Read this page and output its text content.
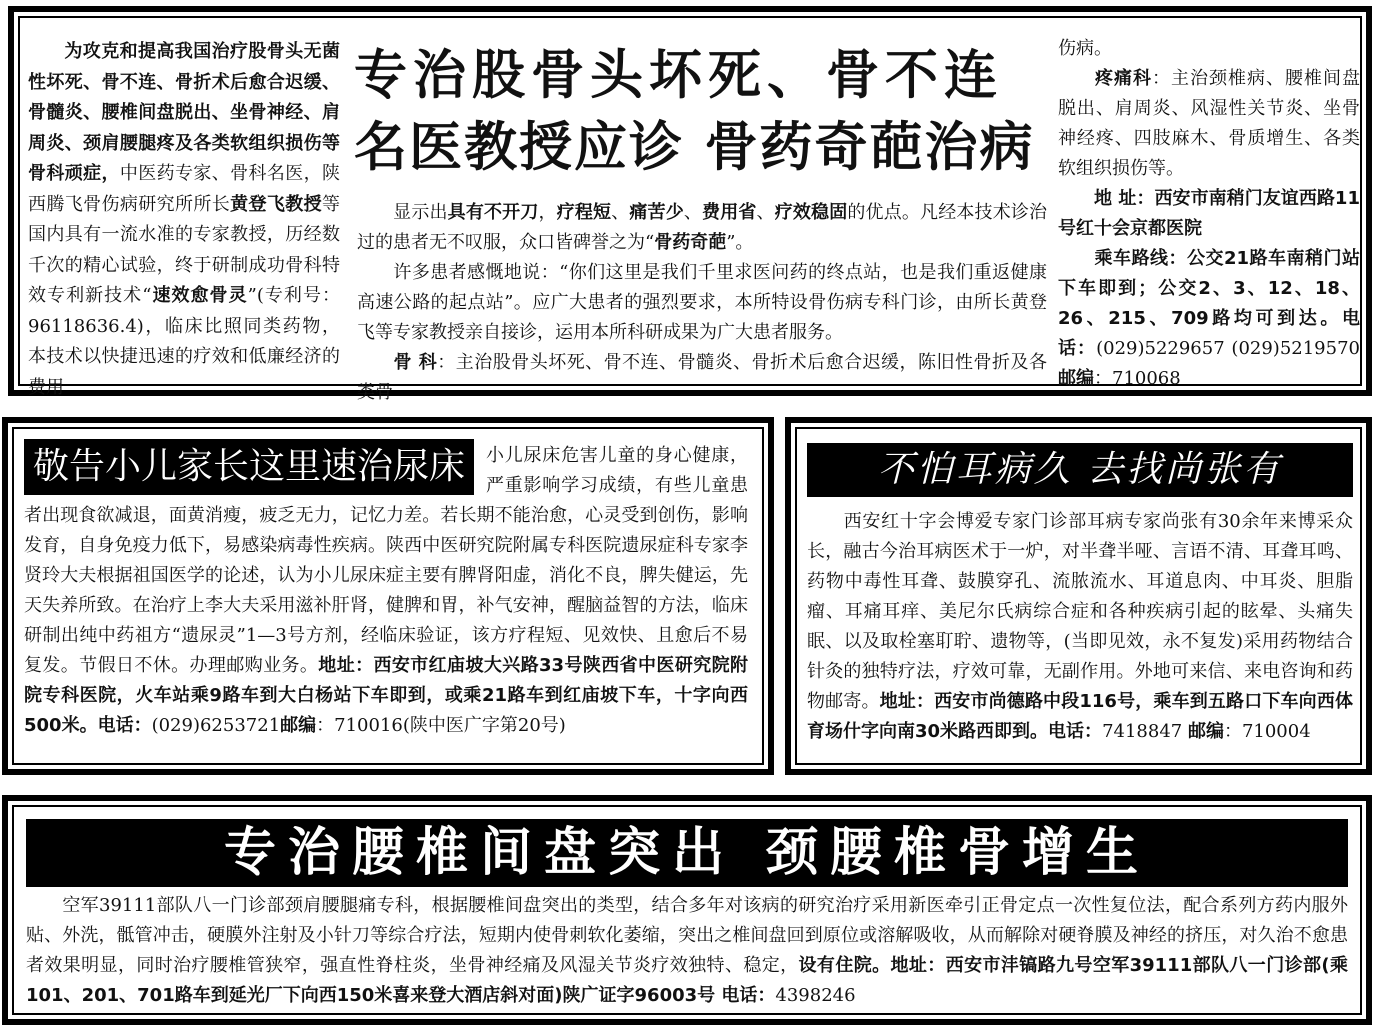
为攻克和提高我国治疗股骨头无菌性坏死、骨不连、骨折术后愈合迟缓、骨髓炎、腰椎间盘脱出、坐骨神经、肩周炎、颈肩腰腿疼及各类软组织损伤等骨科顽症，中医药专家、骨科名医，陕西腾飞骨伤病研究所所长黄登飞教授等国内具有一流水准的专家教授，历经数千次的精心试验，终于研制成功骨科特效专利新技术“速效愈骨灵”(专利号：96118636.4)，临床比照同类药物，本技术以快捷迅速的疗效和低廉经济的费用
专治股骨头坏死、骨不连
名医教授应诊 骨药奇葩治病
显示出具有不开刀，疗程短、痛苦少、费用省、疗效稳固的优点。凡经本技术诊治过的患者无不叹服，众口皆碑誉之为“骨药奇葩”。
许多患者感慨地说：“你们这里是我们千里求医问药的终点站，也是我们重返健康高速公路的起点站”。应广大患者的强烈要求，本所特设骨伤病专科门诊，由所长黄登飞等专家教授亲自接诊，运用本所科研成果为广大患者服务。
骨 科：主治股骨头坏死、骨不连、骨髓炎、骨折术后愈合迟缓，陈旧性骨折及各类骨
伤病。
疼痛科：主治颈椎病、腰椎间盘脱出、肩周炎、风湿性关节炎、坐骨神经疼、四肢麻木、骨质增生、各类软组织损伤等。
地 址：西安市南稍门友谊西路11号红十会京都医院
乘车路线：公交21路车南稍门站下车即到；公交2、3、12、18、26、215、709路均可到达。电 话：(029)5229657 (029)5219570 邮编：710068
小儿尿床危害儿童的身心健康，严重影响学习成绩，有些儿童患者出现食欲减退，面黄消瘦，疲乏无力，记忆力差。若长期不能治愈，心灵受到创伤，影响发育，自身免疫力低下，易感染病毒性疾病。陕西中医研究院附属专科医院遗尿症科专家李贤玲大夫根据祖国医学的论述，认为小儿尿床症主要有脾肾阳虚，消化不良，脾失健运，先天失养所致。在治疗上李大夫采用滋补肝肾，健脾和胃，补气安神，醒脑益智的方法，临床研制出纯中药祖方“遗尿灵”1—3号方剂，经临床验证，该方疗程短、见效快、且愈后不易复发。节假日不休。办理邮购业务。地址：西安市红庙坡大兴路33号陕西省中医研究院附院专科医院，火车站乘9路车到大白杨站下车即到，或乘21路车到红庙坡下车，十字向西500米。电话：(029)6253721邮编：710016(陕中医广字第20号)
敬告小儿家长这里速治尿床	不怕耳病久 去找尚张有
西安红十字会博爱专家门诊部耳病专家尚张有30余年来博采众长，融古今治耳病医术于一炉，对半聋半哑、言语不清、耳聋耳鸣、药物中毒性耳聋、鼓膜穿孔、流脓流水、耳道息肉、中耳炎、胆脂瘤、耳痛耳痒、美尼尔氏病综合症和各种疾病引起的眩晕、头痛失眠、以及取栓塞耵聍、遗物等，(当即见效，永不复发)采用药物结合针灸的独特疗法，疗效可靠，无副作用。外地可来信、来电咨询和药物邮寄。地址：西安市尚德路中段116号，乘车到五路口下车向西体育场什字向南30米路西即到。电话：7418847 邮编：710004
专治腰椎间盘突出 颈腰椎骨增生
空军39111部队八一门诊部颈肩腰腿痛专科，根据腰椎间盘突出的类型，结合多年对该病的研究治疗采用新医牵引正骨定点一次性复位法，配合系列方药内服外贴、外洗，骶管冲击，硬膜外注射及小针刀等综合疗法，短期内使骨刺软化萎缩，突出之椎间盘回到原位或溶解吸收，从而解除对硬脊膜及神经的挤压，对久治不愈患者效果明显，同时治疗腰椎管狭窄，强直性脊柱炎，坐骨神经痛及风湿关节炎疗效独特、稳定，设有住院。地址：西安市沣镐路九号空军39111部队八一门诊部(乘101、201、701路车到延光厂下向西150米喜来登大酒店斜对面)陕广证字96003号 电话：4398246
